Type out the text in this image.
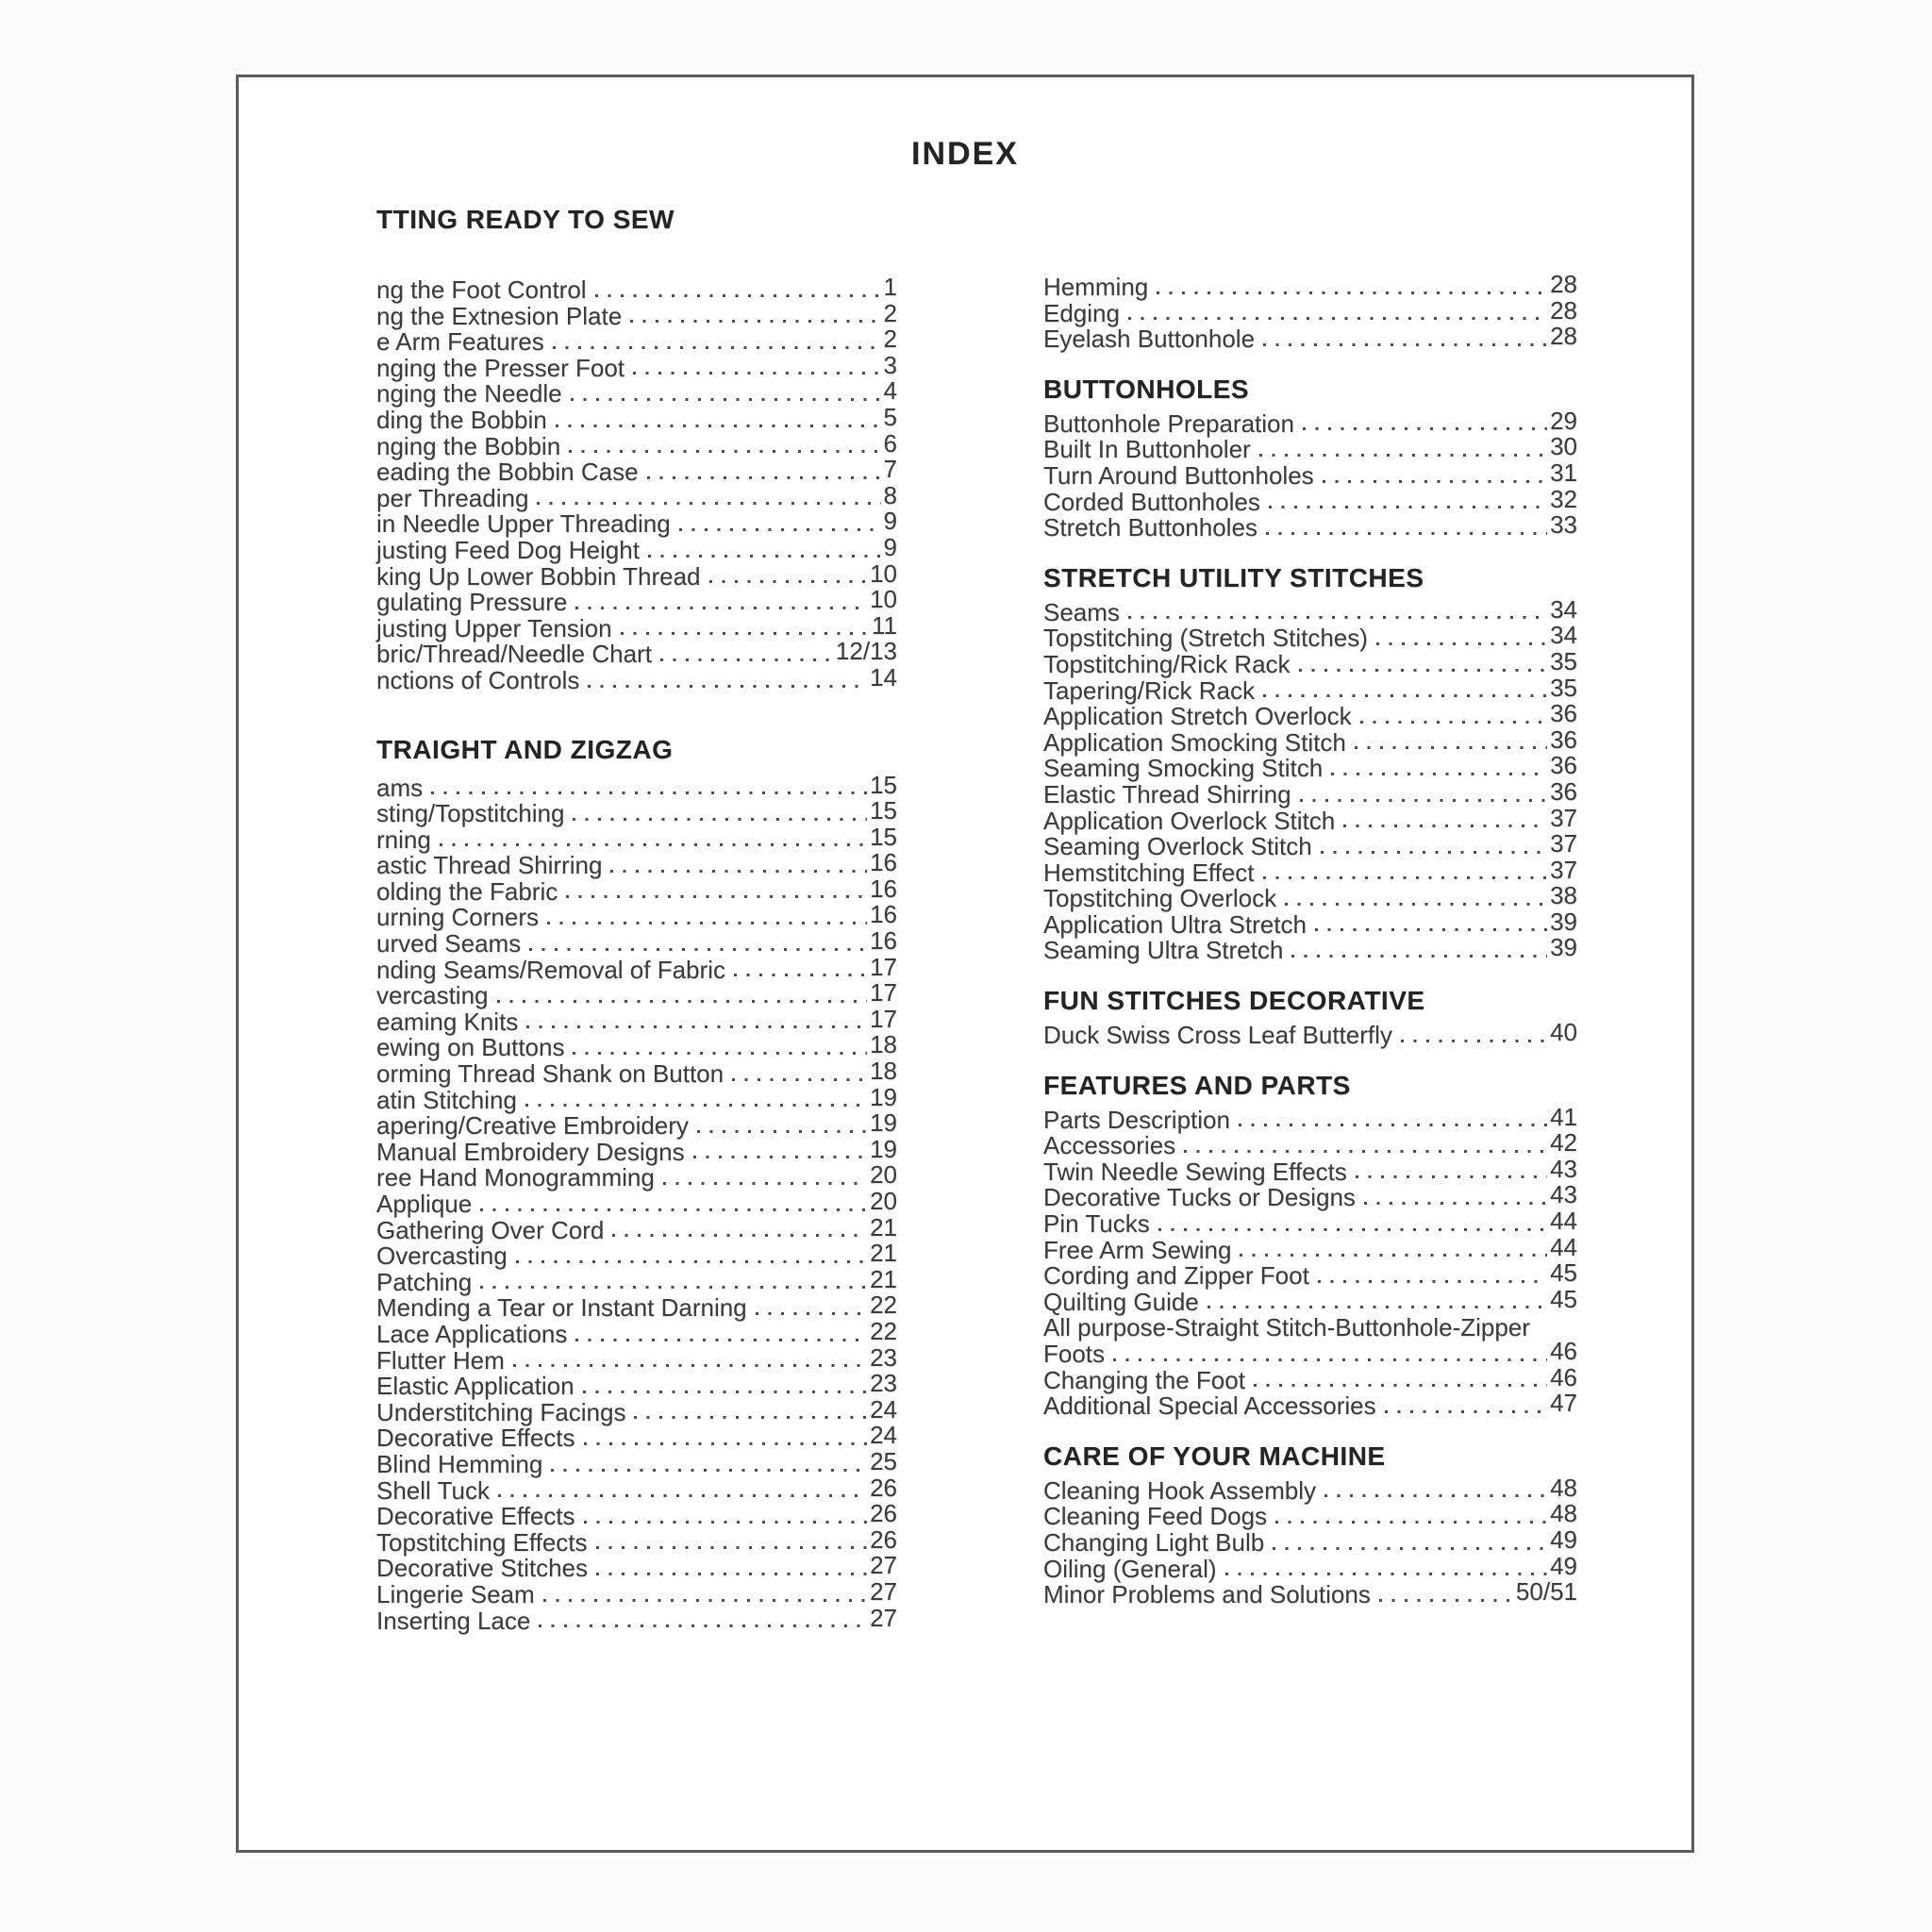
INDEX
TTING READY TO SEW
ng the Foot Control	1
ng the Extnesion Plate	2
e Arm Features	2
nging the Presser Foot	3
nging the Needle	4
ding the Bobbin	5
nging the Bobbin	6
eading the Bobbin Case	7
per Threading	8
in Needle Upper Threading	9
justing Feed Dog Height	9
king Up Lower Bobbin Thread	10
gulating Pressure	10
justing Upper Tension	11
bric/Thread/Needle Chart	12/13
nctions of Controls	14
TRAIGHT AND ZIGZAG
ams	15
sting/Topstitching	15
rning	15
astic Thread Shirring	16
olding the Fabric	16
urning Corners	16
urved Seams	16
nding Seams/Removal of Fabric	17
vercasting	17
eaming Knits	17
ewing on Buttons	18
orming Thread Shank on Button	18
atin Stitching	19
apering/Creative Embroidery	19
Manual Embroidery Designs	19
ree Hand Monogramming	20
Applique	20
Gathering Over Cord	21
Overcasting	21
Patching	21
Mending a Tear or Instant Darning	22
Lace Applications	22
Flutter Hem	23
Elastic Application	23
Understitching Facings	24
Decorative Effects	24
Blind Hemming	25
Shell Tuck	26
Decorative Effects	26
Topstitching Effects	26
Decorative Stitches	27
Lingerie Seam	27
Inserting Lace	27
Hemming	28
Edging	28
Eyelash Buttonhole	28
BUTTONHOLES
Buttonhole Preparation	29
Built In Buttonholer	30
Turn Around Buttonholes	31
Corded Buttonholes	32
Stretch Buttonholes	33
STRETCH UTILITY STITCHES
Seams	34
Topstitching (Stretch Stitches)	34
Topstitching/Rick Rack	35
Tapering/Rick Rack	35
Application Stretch Overlock	36
Application Smocking Stitch	36
Seaming Smocking Stitch	36
Elastic Thread Shirring	36
Application Overlock Stitch	37
Seaming Overlock Stitch	37
Hemstitching Effect	37
Topstitching Overlock	38
Application Ultra Stretch	39
Seaming Ultra Stretch	39
FUN STITCHES DECORATIVE
Duck Swiss Cross Leaf Butterfly	40
FEATURES AND PARTS
Parts Description	41
Accessories	42
Twin Needle Sewing Effects	43
Decorative Tucks or Designs	43
Pin Tucks	44
Free Arm Sewing	44
Cording and Zipper Foot	45
Quilting Guide	45
All purpose-Straight Stitch-Buttonhole-Zipper
Foots	46
Changing the Foot	46
Additional Special Accessories	47
CARE OF YOUR MACHINE
Cleaning Hook Assembly	48
Cleaning Feed Dogs	48
Changing Light Bulb	49
Oiling (General)	49
Minor Problems and Solutions	50/51
